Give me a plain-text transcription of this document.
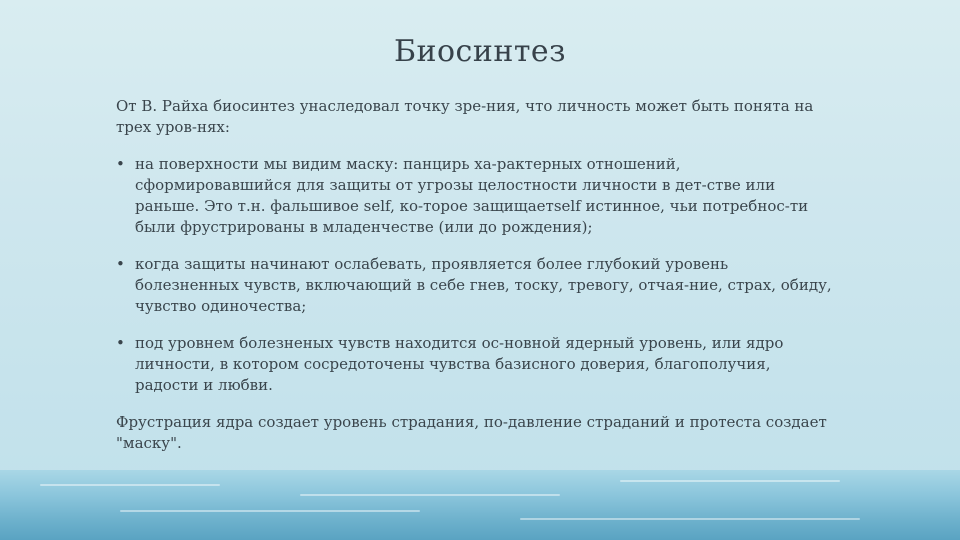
Биосинтез

От В. Райха биосинтез унаследовал точку зре-ния, что личность может быть понята на трех уров-нях:

• на поверхности мы видим маску: панцирь ха-рактерных отношений, сформировавшийся для защиты от угрозы целостности личности в дет-стве или раньше. Это т.н. фальшивое self, ко-торое защищаетself истинное, чьи потребнос-ти были фрустрированы в младенчестве (или до рождения);
• когда защиты начинают ослабевать, проявляется более глубокий уровень болезненных чувств, включающий в себе гнев, тоску, тревогу, отчая-ние, страх, обиду, чувство одиночества;
• под уровнем болезненых чувств находится ос-новной ядерный уровень, или ядро личности, в котором сосредоточены чувства базисного доверия, благополучия, радости и любви.

Фрустрация ядра создает уровень страдания, по-давление страданий и протеста создает "маску".
